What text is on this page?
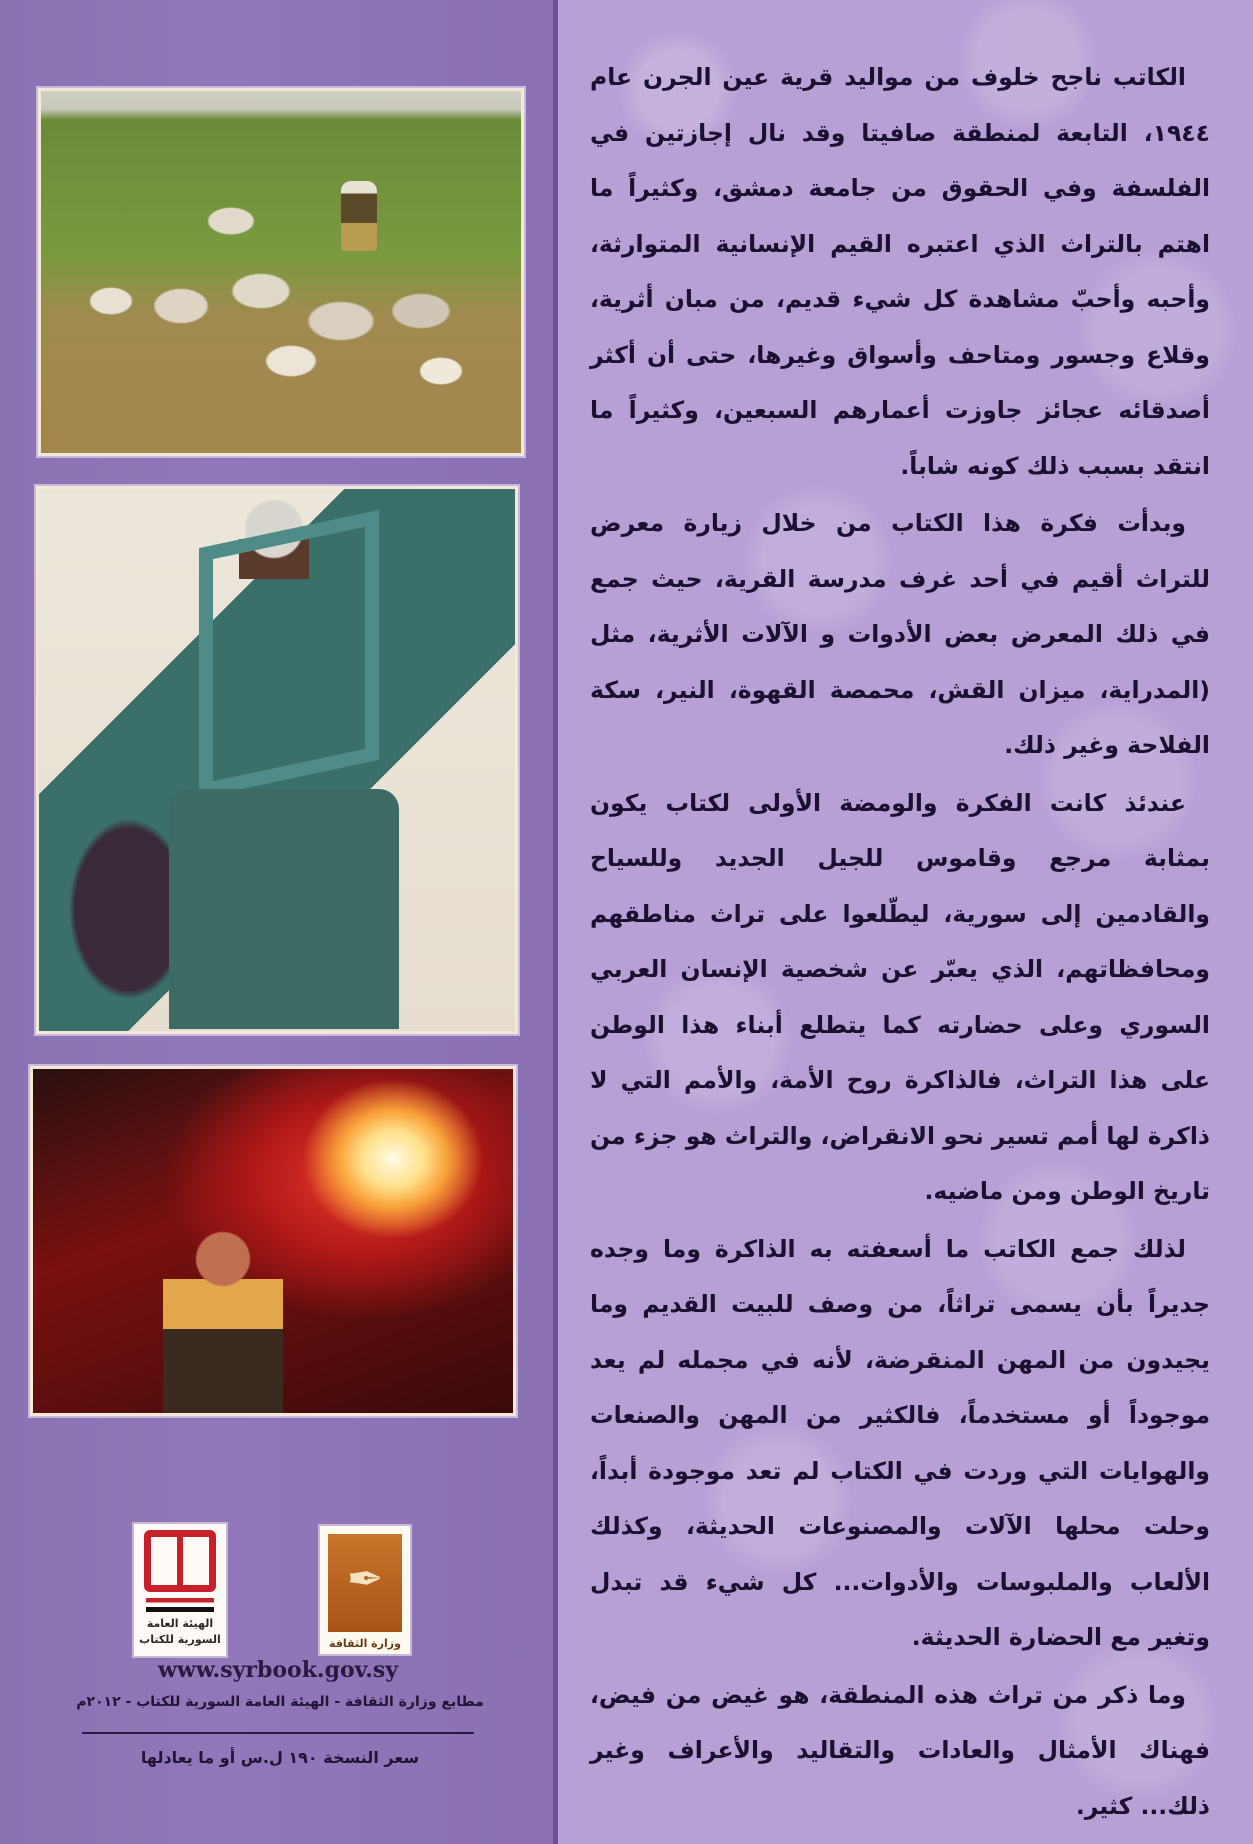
الكاتب ناجح خلوف من مواليد قرية عين الجرن عام ١٩٤٤، التابعة لمنطقة صافيتا وقد نال إجازتين في الفلسفة وفي الحقوق من جامعة دمشق، وكثيراً ما اهتم بالتراث الذي اعتبره القيم الإنسانية المتوارثة، وأحبه وأحبّ مشاهدة كل شيء قديم، من مبان أثرية، وقلاع وجسور ومتاحف وأسواق وغيرها، حتى أن أكثر أصدقائه عجائز جاوزت أعمارهم السبعين، وكثيراً ما انتقد بسبب ذلك كونه شاباً.

وبدأت فكرة هذا الكتاب من خلال زيارة معرض للتراث أقيم في أحد غرف مدرسة القرية، حيث جمع في ذلك المعرض بعض الأدوات و الآلات الأثرية، مثل (المدراية، ميزان القش، محمصة القهوة، النير، سكة الفلاحة وغير ذلك.

عندئذ كانت الفكرة والومضة الأولى لكتاب يكون بمثابة مرجع وقاموس للجيل الجديد وللسياح والقادمين إلى سورية، ليطّلعوا على تراث مناطقهم ومحافظاتهم، الذي يعبّر عن شخصية الإنسان العربي السوري وعلى حضارته كما يتطلع أبناء هذا الوطن على هذا التراث، فالذاكرة روح الأمة، والأمم التي لا ذاكرة لها أمم تسير نحو الانقراض، والتراث هو جزء من تاريخ الوطن ومن ماضيه.

لذلك جمع الكاتب ما أسعفته به الذاكرة وما وجده جديراً بأن يسمى تراثاً، من وصف للبيت القديم وما يجيدون من المهن المنقرضة، لأنه في مجمله لم يعد موجوداً أو مستخدماً، فالكثير من المهن والصنعات والهوايات التي وردت في الكتاب لم تعد موجودة أبداً، وحلت محلها الآلات والمصنوعات الحديثة، وكذلك الألعاب والملبوسات والأدوات... كل شيء قد تبدل وتغير مع الحضارة الحديثة.

وما ذكر من تراث هذه المنطقة، هو غيض من فيض، فهناك الأمثال والعادات والتقاليد والأعراف وغير ذلك... كثير.

الهيئة العامة
السورية للكتاب
✒
وزارة الثقافة
www.syrbook.gov.sy
مطابع وزارة الثقافة - الهيئة العامة السورية للكتاب - ٢٠١٢م
سعر النسخة ١٩٠ ل.س أو ما يعادلها
